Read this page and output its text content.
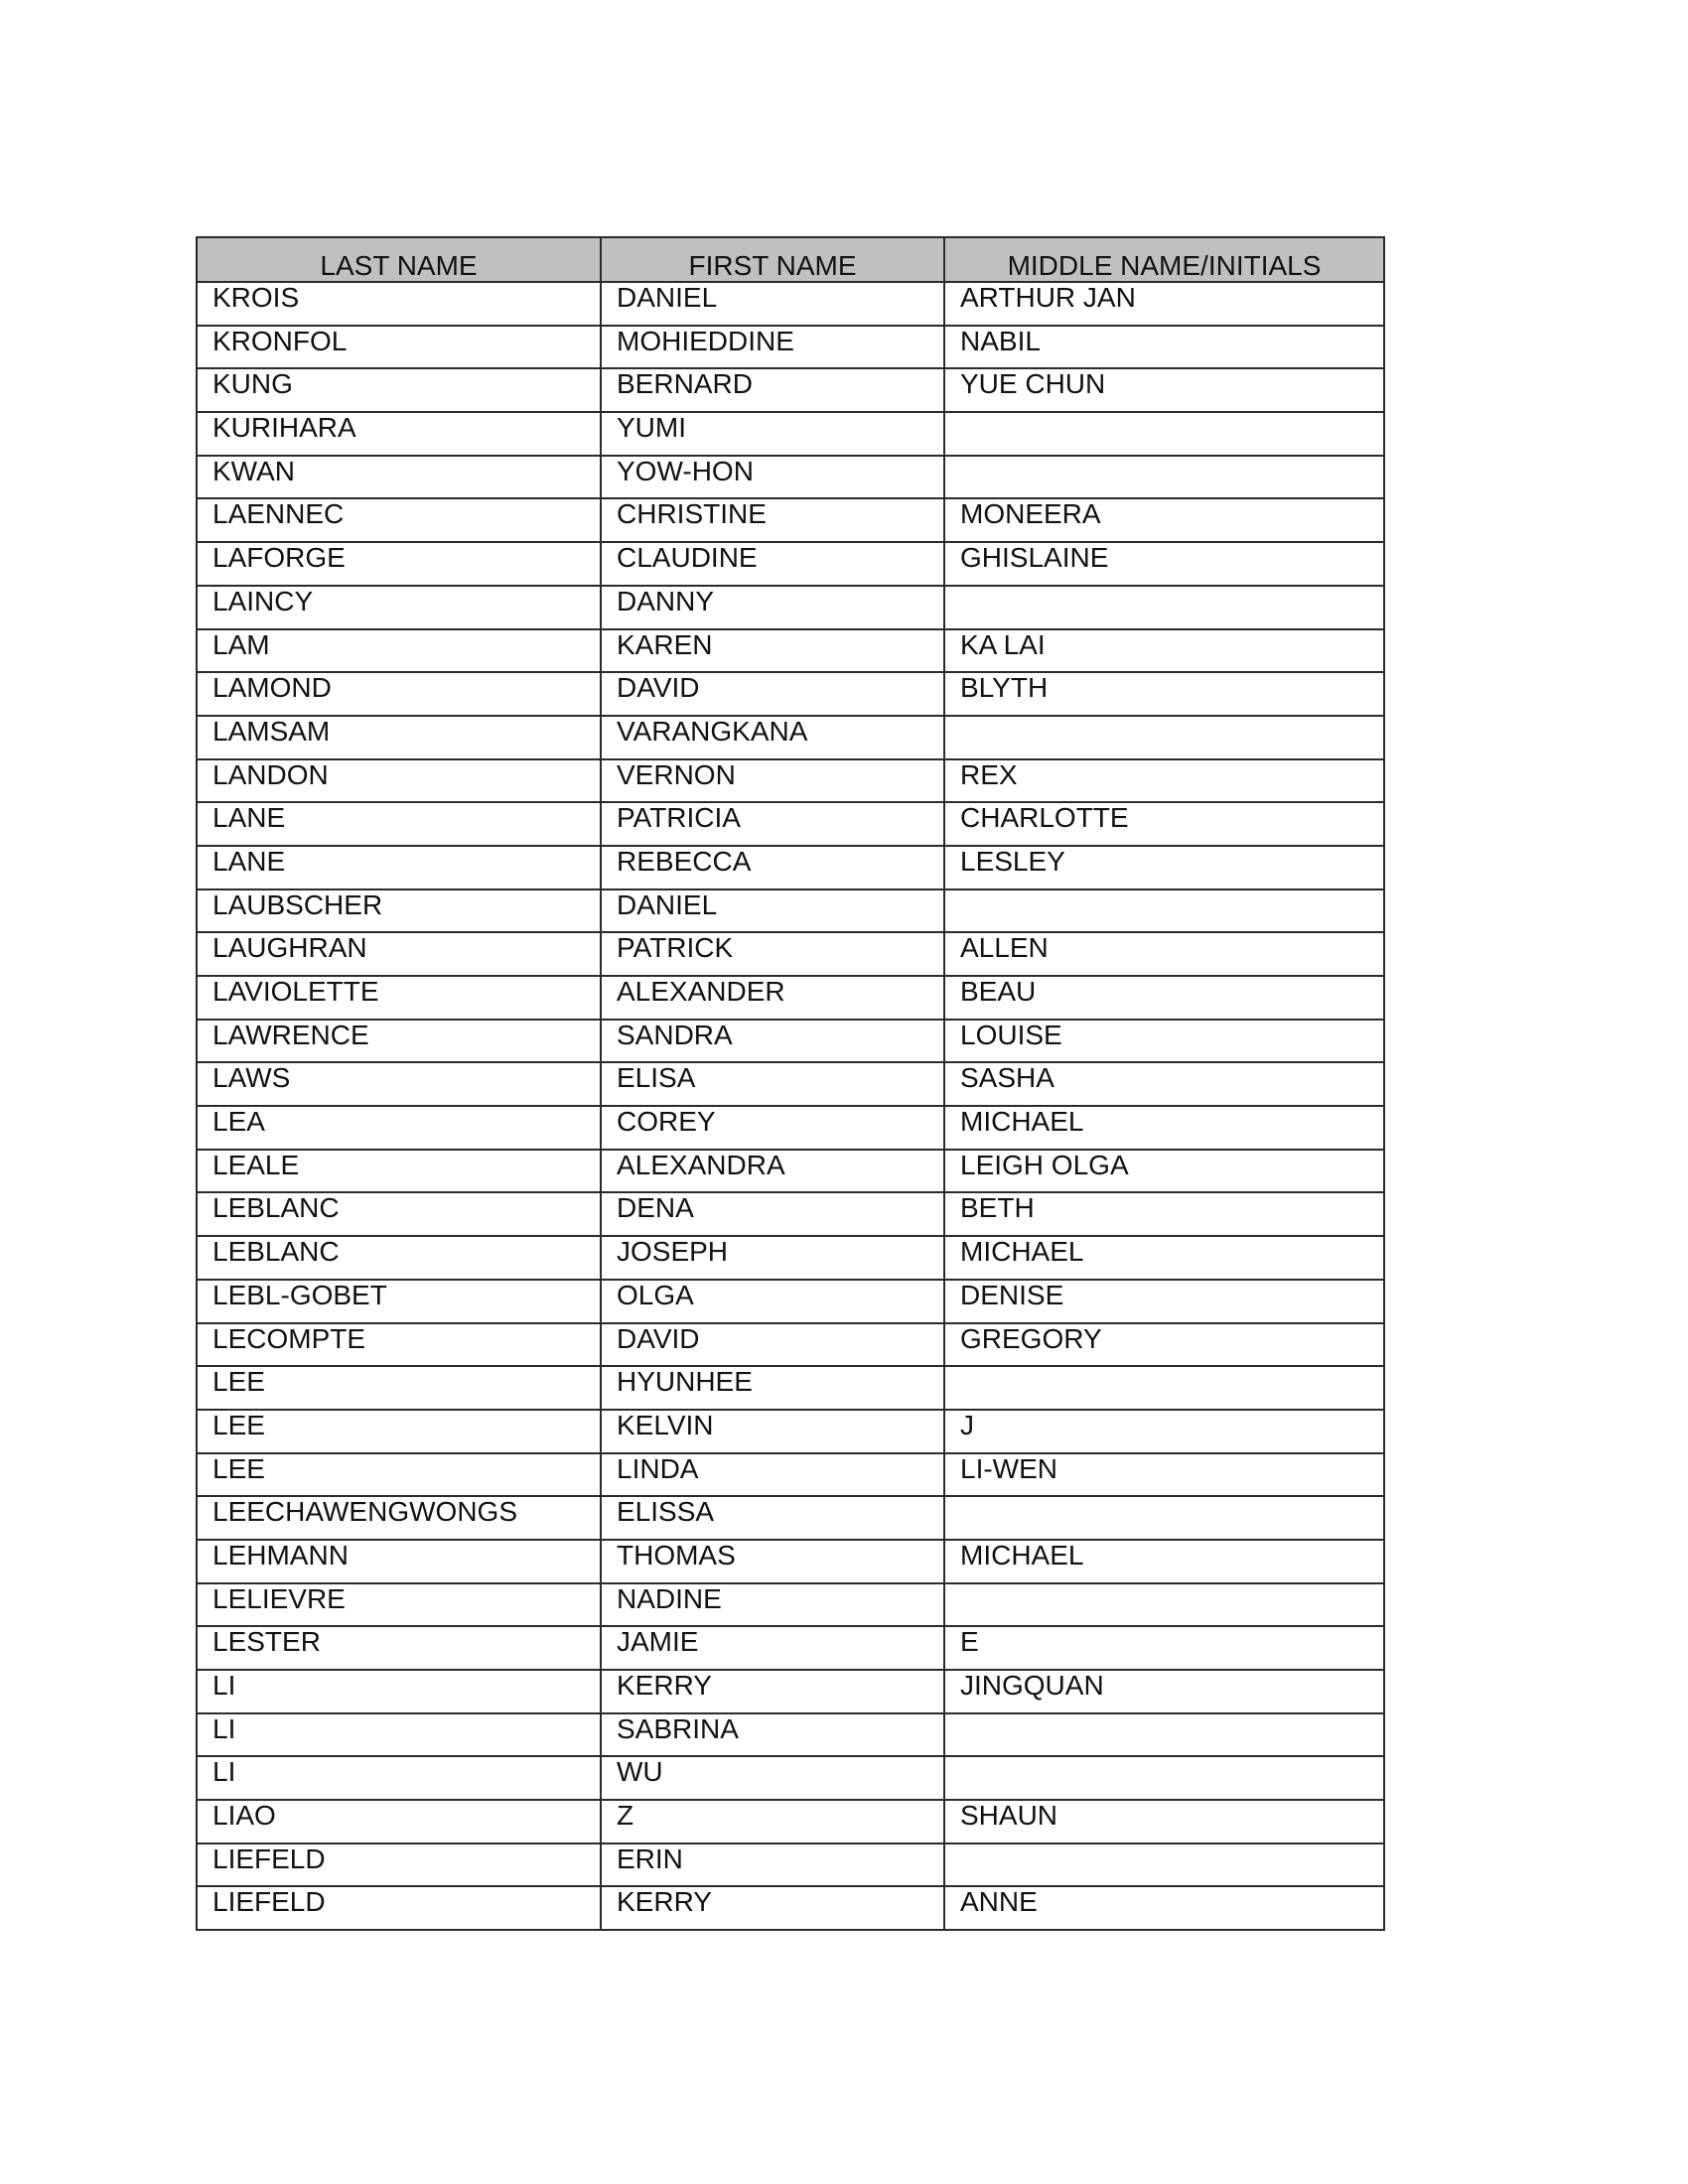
LAST NAME	FIRST NAME	MIDDLE NAME/INITIALS
KROIS	DANIEL	ARTHUR JAN
KRONFOL	MOHIEDDINE	NABIL
KUNG	BERNARD	YUE CHUN
KURIHARA	YUMI	
KWAN	YOW-HON	
LAENNEC	CHRISTINE	MONEERA
LAFORGE	CLAUDINE	GHISLAINE
LAINCY	DANNY	
LAM	KAREN	KA LAI
LAMOND	DAVID	BLYTH
LAMSAM	VARANGKANA	
LANDON	VERNON	REX
LANE	PATRICIA	CHARLOTTE
LANE	REBECCA	LESLEY
LAUBSCHER	DANIEL	
LAUGHRAN	PATRICK	ALLEN
LAVIOLETTE	ALEXANDER	BEAU
LAWRENCE	SANDRA	LOUISE
LAWS	ELISA	SASHA
LEA	COREY	MICHAEL
LEALE	ALEXANDRA	LEIGH OLGA
LEBLANC	DENA	BETH
LEBLANC	JOSEPH	MICHAEL
LEBL-GOBET	OLGA	DENISE
LECOMPTE	DAVID	GREGORY
LEE	HYUNHEE	
LEE	KELVIN	J
LEE	LINDA	LI-WEN
LEECHAWENGWONGS	ELISSA	
LEHMANN	THOMAS	MICHAEL
LELIEVRE	NADINE	
LESTER	JAMIE	E
LI	KERRY	JINGQUAN
LI	SABRINA	
LI	WU	
LIAO	Z	SHAUN
LIEFELD	ERIN	
LIEFELD	KERRY	ANNE
